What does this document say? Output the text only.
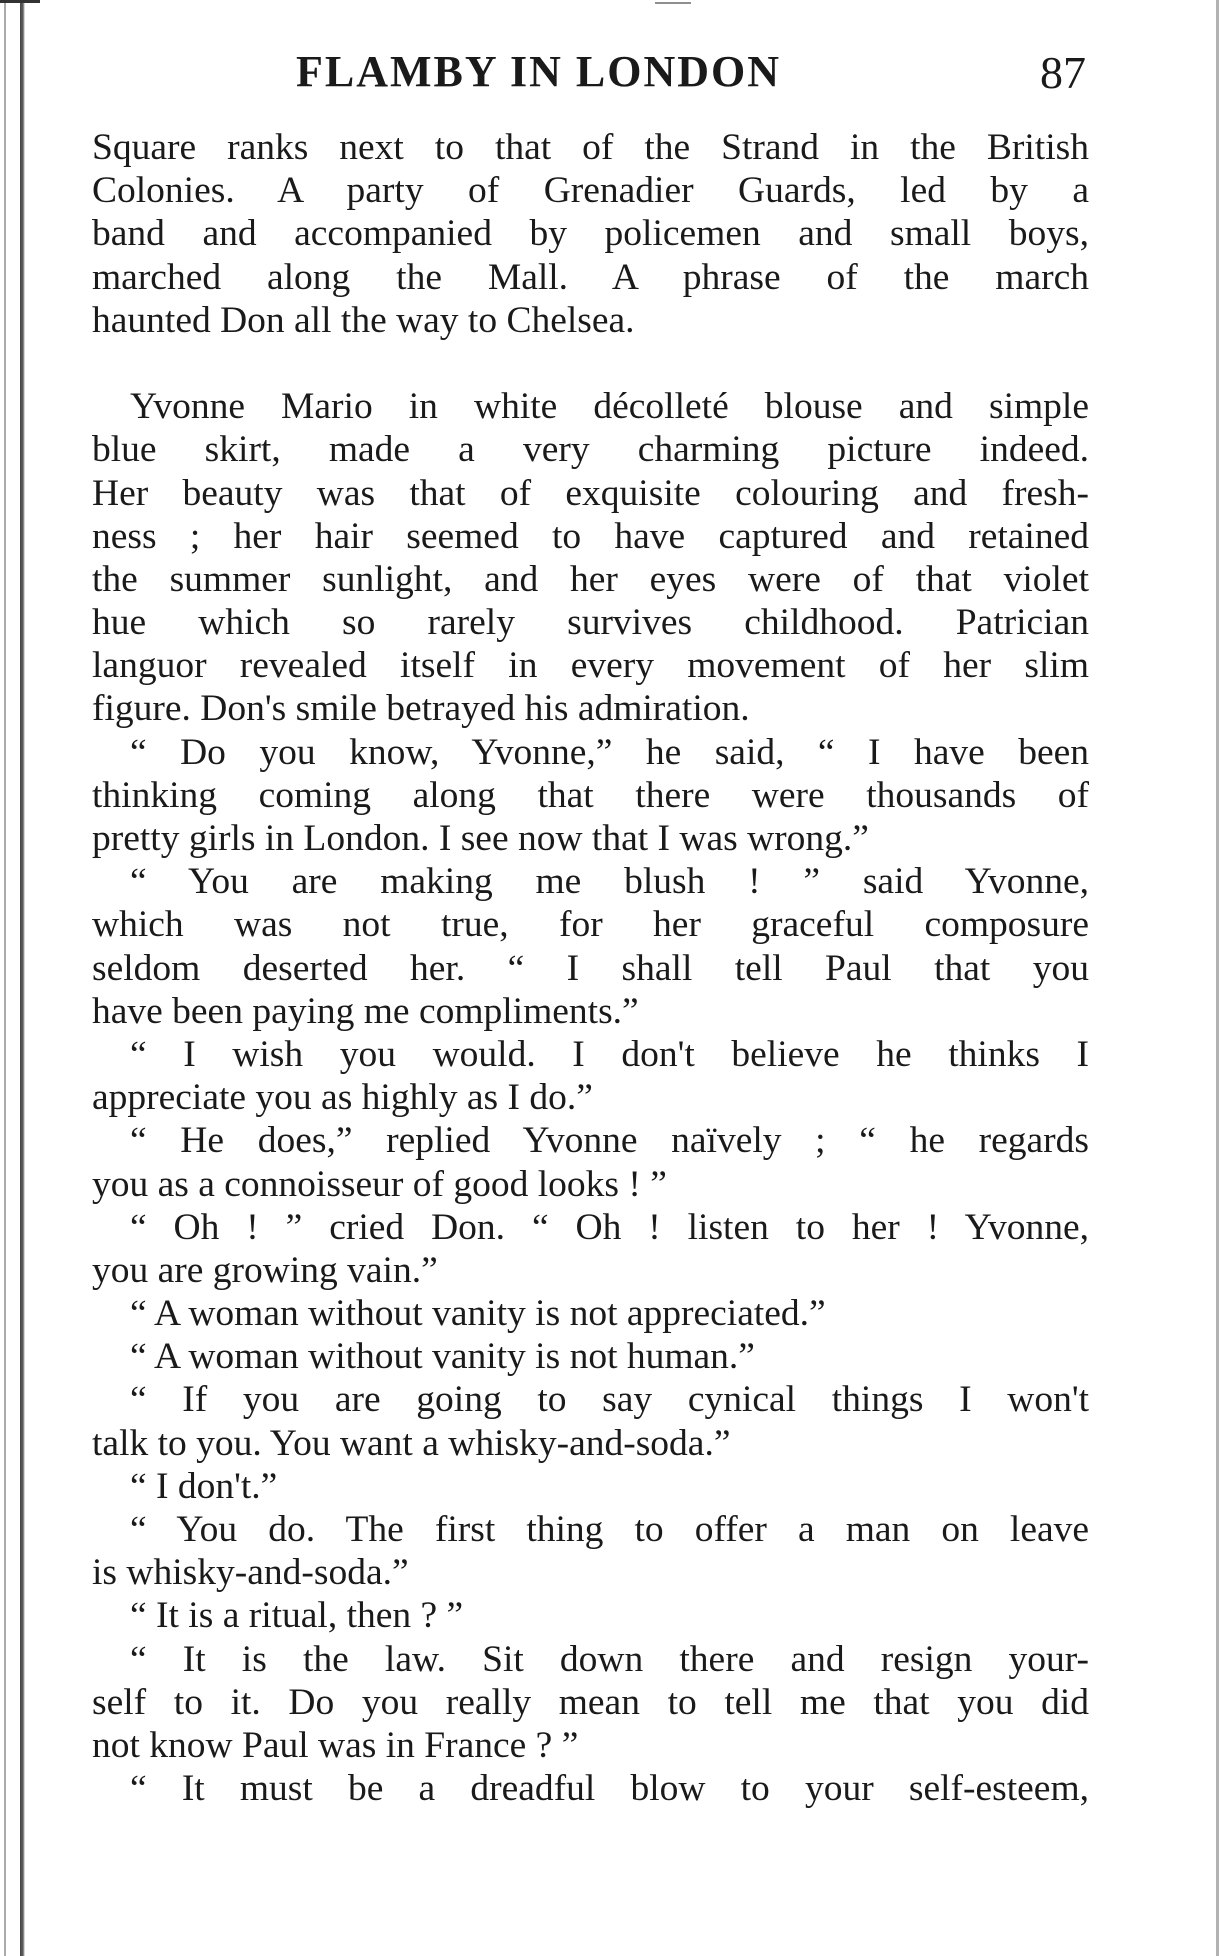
FLAMBY IN LONDON	87
Square ranks next to that of the Strand in the British
Colonies. A party of Grenadier Guards, led by a
band and accompanied by policemen and small boys,
marched along the Mall. A phrase of the march
haunted Don all the way to Chelsea.
Yvonne Mario in white décolleté blouse and simple
blue skirt, made a very charming picture indeed.
Her beauty was that of exquisite colouring and fresh-
ness ; her hair seemed to have captured and retained
the summer sunlight, and her eyes were of that violet
hue which so rarely survives childhood. Patrician
languor revealed itself in every movement of her slim
figure. Don's smile betrayed his admiration.
“ Do you know, Yvonne,” he said, “ I have been
thinking coming along that there were thousands of
pretty girls in London. I see now that I was wrong.”
“ You are making me blush ! ” said Yvonne,
which was not true, for her graceful composure
seldom deserted her. “ I shall tell Paul that you
have been paying me compliments.”
“ I wish you would. I don't believe he thinks I
appreciate you as highly as I do.”
“ He does,” replied Yvonne naïvely ; “ he regards
you as a connoisseur of good looks ! ”
“ Oh ! ” cried Don. “ Oh ! listen to her ! Yvonne,
you are growing vain.”
“ A woman without vanity is not appreciated.”
“ A woman without vanity is not human.”
“ If you are going to say cynical things I won't
talk to you. You want a whisky-and-soda.”
“ I don't.”
“ You do. The first thing to offer a man on leave
is whisky-and-soda.”
“ It is a ritual, then ? ”
“ It is the law. Sit down there and resign your-
self to it. Do you really mean to tell me that you did
not know Paul was in France ? ”
“ It must be a dreadful blow to your self-esteem,
